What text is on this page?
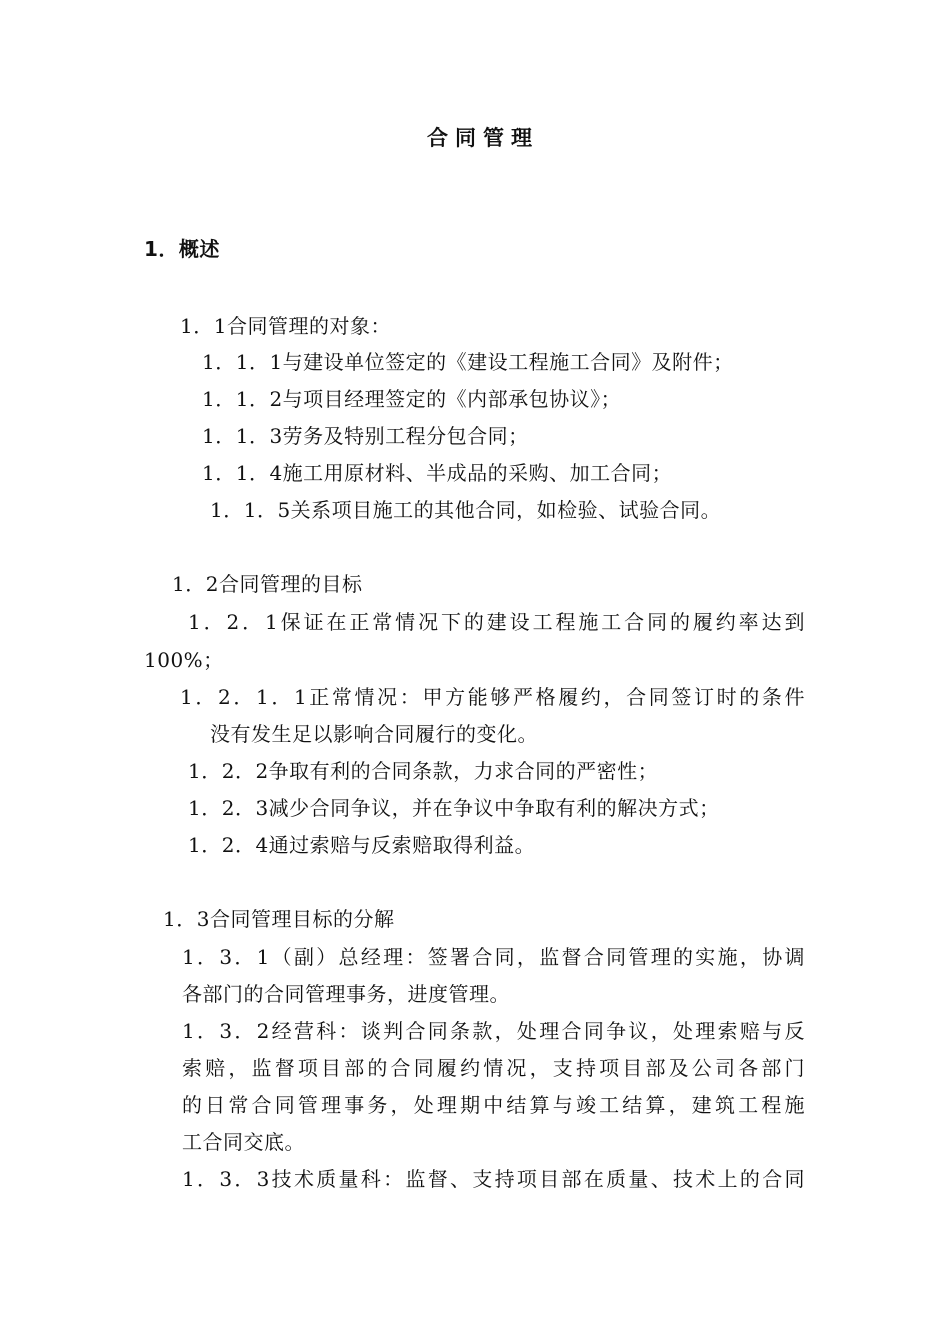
合同管理
1．概述
1．1合同管理的对象：
1．1．1与建设单位签定的《建设工程施工合同》及附件；
1．1．2与项目经理签定的《内部承包协议》；
1．1．3劳务及特别工程分包合同；
1．1．4施工用原材料、半成品的采购、加工合同；
1．1．5关系项目施工的其他合同，如检验、试验合同。
1．2合同管理的目标
1．2．1保证在正常情况下的建设工程施工合同的履约率达到
100%；
1．2．1．1正常情况：甲方能够严格履约，合同签订时的条件
没有发生足以影响合同履行的变化。
1．2．2争取有利的合同条款，力求合同的严密性；
1．2．3减少合同争议，并在争议中争取有利的解决方式；
1．2．4通过索赔与反索赔取得利益。
1．3合同管理目标的分解
1．3．1（副）总经理：签署合同，监督合同管理的实施，协调
各部门的合同管理事务，进度管理。
1．3．2经营科：谈判合同条款，处理合同争议，处理索赔与反
索赔，监督项目部的合同履约情况，支持项目部及公司各部门
的日常合同管理事务，处理期中结算与竣工结算，建筑工程施
工合同交底。
1．3．3技术质量科：监督、支持项目部在质量、技术上的合同
